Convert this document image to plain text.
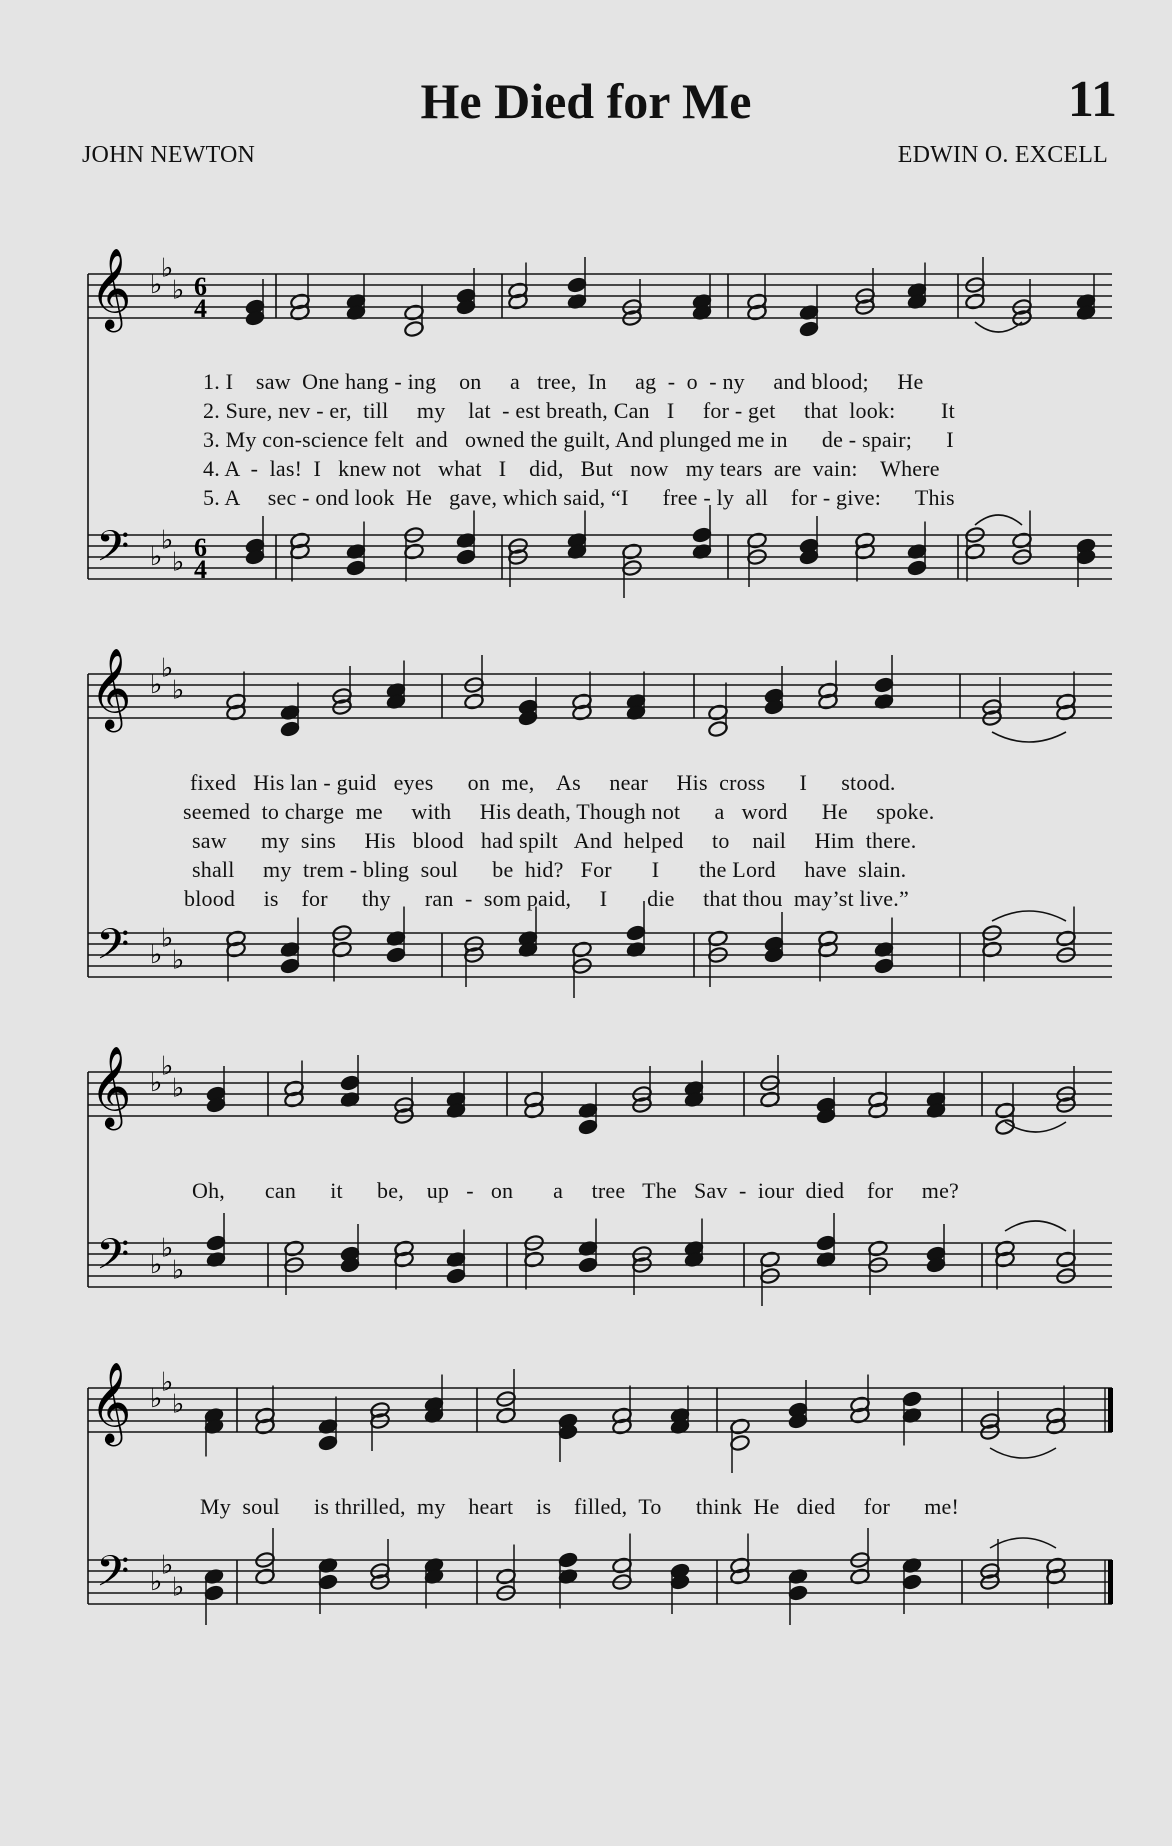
He Died for Me	11
JOHN NEWTON	EDWIN O. EXCELL
𝄞
𝄢
♭
♭
♭
♭
♭
♭
6
4
6
4
𝄞
𝄢
♭
♭
♭
♭
♭
♭
𝄞
𝄢
♭
♭
♭
♭
♭
♭
𝄞
𝄢
♭
♭
♭
♭
♭
♭
1. I    saw  One hang - ing    on     a   tree,  In     ag  -  o  - ny     and blood;     He
2. Sure, nev - er,  till     my    lat  - est breath, Can   I     for - get     that  look:        It
3. My con-science felt  and   owned the guilt, And plunged me in      de - spair;      I
4. A  -  las!  I   knew not   what   I    did,   But   now   my tears  are  vain:    Where
5. A     sec - ond look  He   gave, which said, “I      free - ly  all    for - give:      This
fixed   His lan - guid   eyes      on  me,    As     near     His  cross      I      stood.
seemed  to charge  me     with     His death, Though not      a   word      He     spoke.
saw      my  sins     His   blood   had spilt   And  helped     to    nail     Him  there.
shall     my  trem - bling  soul      be  hid?   For       I       the Lord     have  slain.
blood     is    for      thy      ran  -  som paid,     I       die     that thou  may’st live.”
Oh,       can      it      be,    up   -   on       a     tree   The   Sav  -  iour  died    for     me?
My  soul      is thrilled,  my    heart    is    filled,  To      think  He   died     for      me!
